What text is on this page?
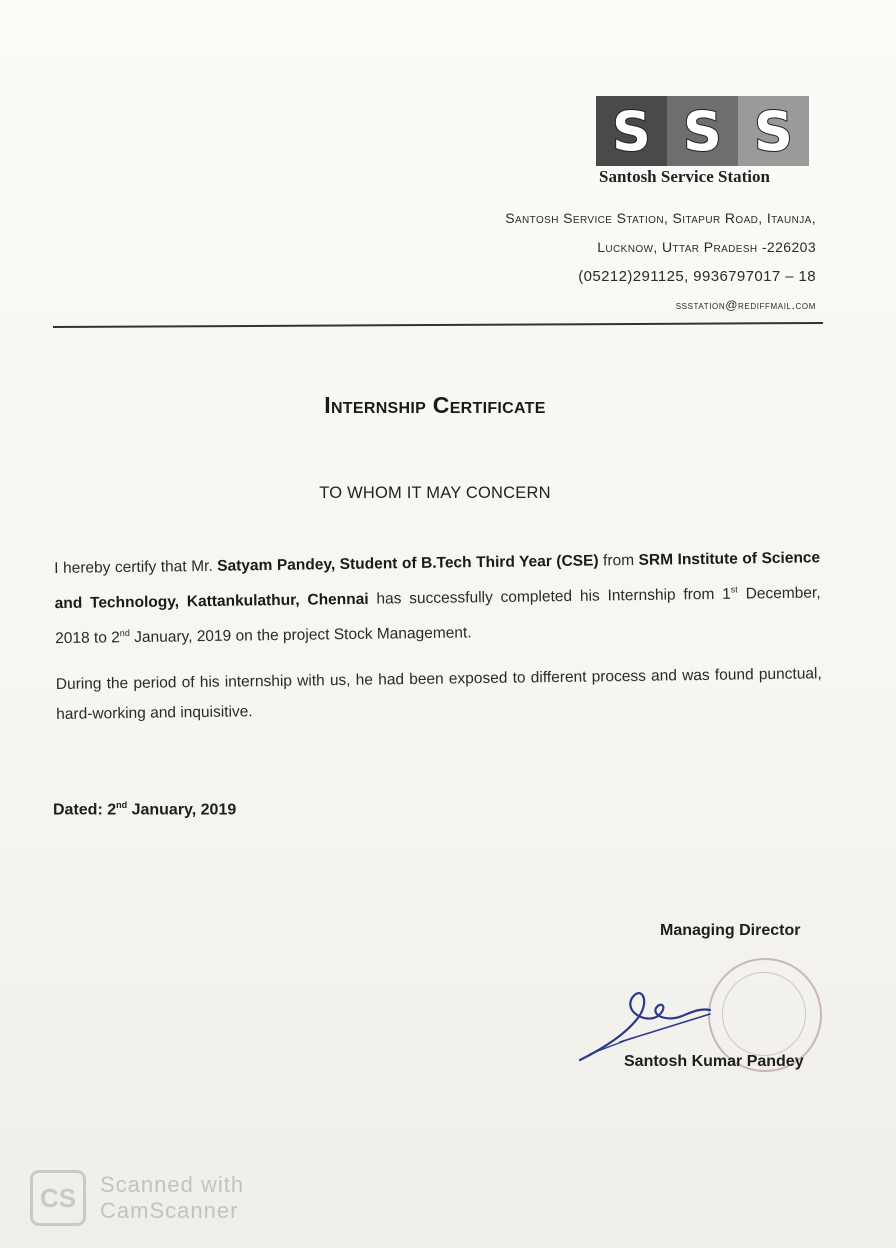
S S S
Santosh Service Station
Santosh Service Station, Sitapur Road, Itaunja,
Lucknow, Uttar Pradesh -226203
(05212)291125, 9936797017 – 18
ssstation@rediffmail.com
Internship Certificate
TO WHOM IT MAY CONCERN

I hereby certify that Mr. Satyam Pandey, Student of B.Tech Third Year (CSE) from SRM Institute of Science and Technology, Kattankulathur, Chennai has successfully completed his Internship from 1st December, 2018 to 2nd January, 2019 on the project Stock Management.

During the period of his internship with us, he had been exposed to different process and was found punctual, hard-working and inquisitive.

Dated: 2nd January, 2019
Managing Director
Santosh Kumar Pandey
CS	Scanned with
CamScanner
